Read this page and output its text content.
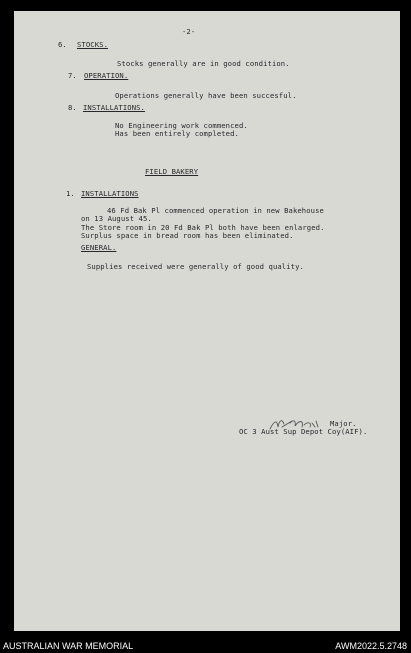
-2-
6. STOCKS.
Stocks generally are in good condition.
7. OPERATION.
Operations generally have been succesful.
8. INSTALLATIONS.
No Engineering work commenced.
Has been entirely completed.
FIELD BAKERY
1. INSTALLATIONS
46 Fd Bak Pl commenced operation in new Bakehouse
on 13 August 45.
The Store room in 20 Fd Bak Pl both have been enlarged.
Surplus space in bread room has been eliminated.
GENERAL.
Supplies received were generally of good quality.
Major.
OC 3 Aust Sup Depot Coy(AIF).
AUSTRALIAN WAR MEMORIAL	AWM2022.5.2748
